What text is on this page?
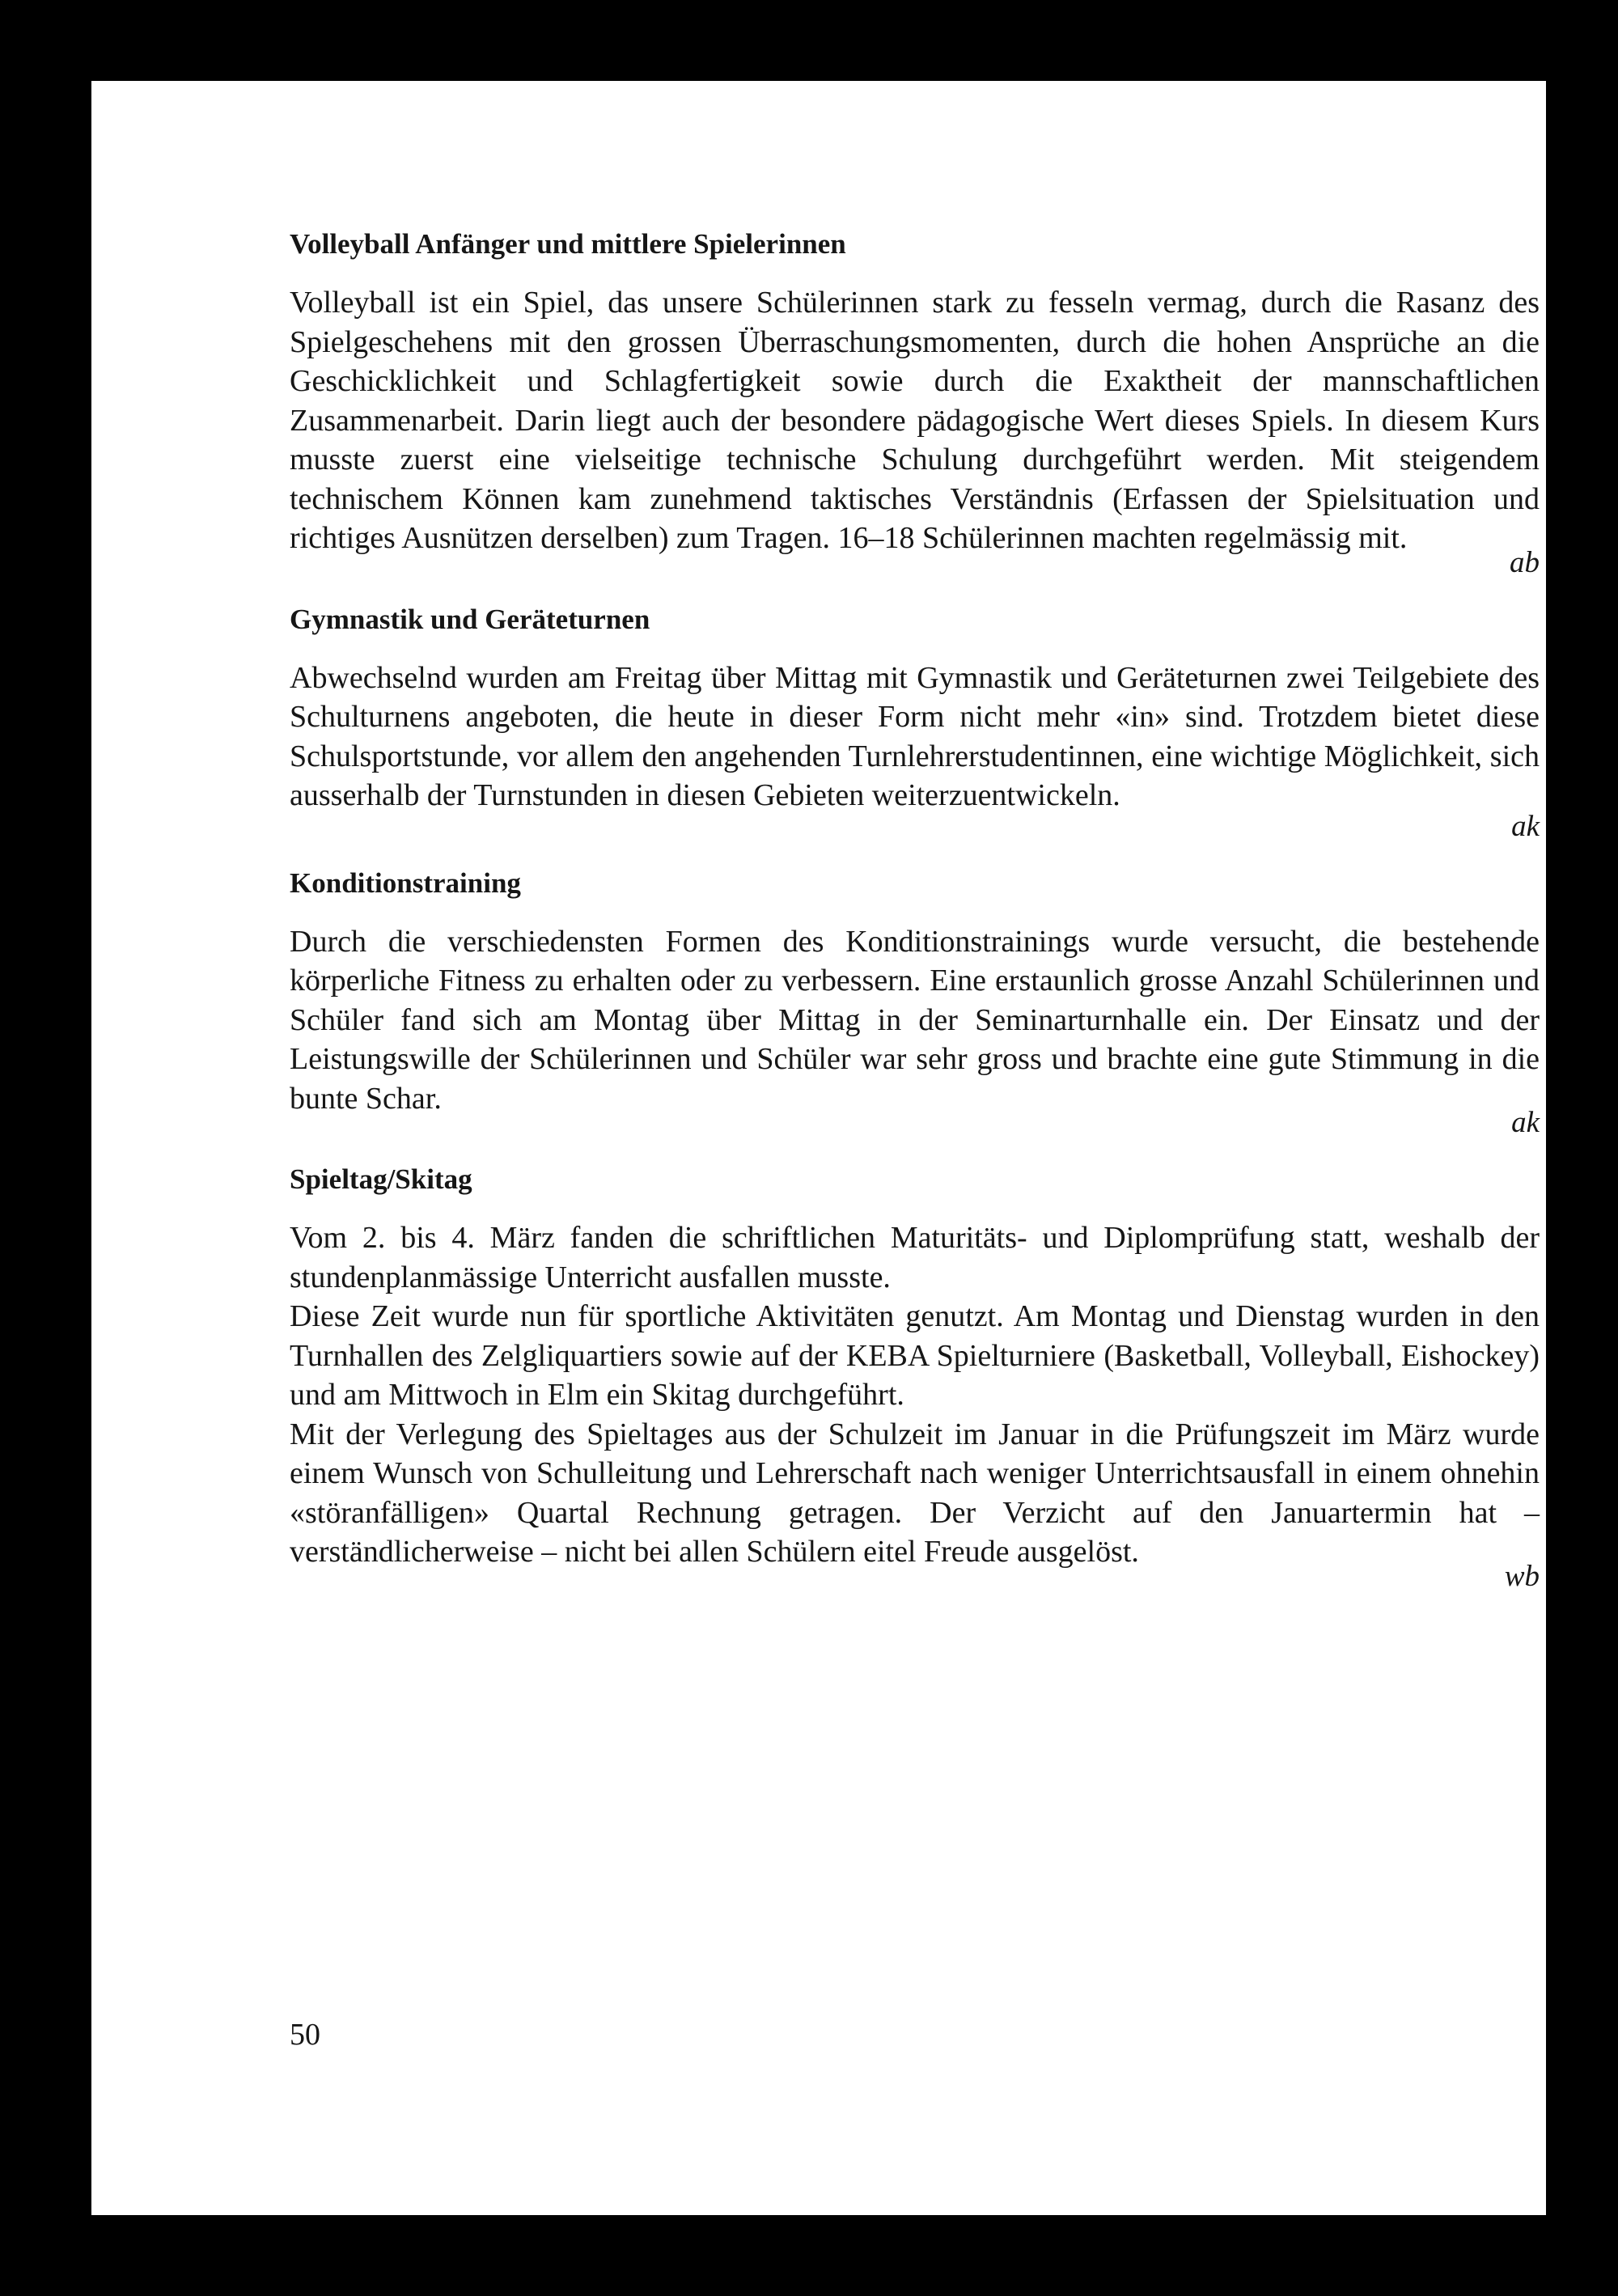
Volleyball Anfänger und mittlere Spielerinnen

Volleyball ist ein Spiel, das unsere Schülerinnen stark zu fesseln vermag, durch die Rasanz des Spielgeschehens mit den grossen Überraschungsmomenten, durch die hohen Ansprüche an die Geschicklichkeit und Schlagfertigkeit sowie durch die Exaktheit der mannschaftlichen Zusammenarbeit. Darin liegt auch der besondere pädagogische Wert dieses Spiels. In diesem Kurs musste zuerst eine vielseitige technische Schulung durchgeführt werden. Mit steigendem technischem Können kam zunehmend taktisches Verständnis (Erfassen der Spielsituation und richtiges Ausnützen derselben) zum Tragen. 16–18 Schülerinnen machten regelmässig mit.

ab
Gymnastik und Geräteturnen

Abwechselnd wurden am Freitag über Mittag mit Gymnastik und Geräteturnen zwei Teilgebiete des Schulturnens angeboten, die heute in dieser Form nicht mehr «in» sind. Trotzdem bietet diese Schulsportstunde, vor allem den angehenden Turnlehrerstudentinnen, eine wichtige Möglichkeit, sich ausserhalb der Turnstunden in diesen Gebieten weiterzuentwickeln.

ak
Konditionstraining

Durch die verschiedensten Formen des Konditionstrainings wurde versucht, die bestehende körperliche Fitness zu erhalten oder zu verbessern. Eine erstaunlich grosse Anzahl Schülerinnen und Schüler fand sich am Montag über Mittag in der Seminarturnhalle ein. Der Einsatz und der Leistungswille der Schülerinnen und Schüler war sehr gross und brachte eine gute Stimmung in die bunte Schar.

ak
Spieltag/Skitag

Vom 2. bis 4. März fanden die schriftlichen Maturitäts- und Diplomprüfung statt, weshalb der stundenplanmässige Unterricht ausfallen musste.

Diese Zeit wurde nun für sportliche Aktivitäten genutzt. Am Montag und Dienstag wurden in den Turnhallen des Zelgliquartiers sowie auf der KEBA Spielturniere (Basketball, Volleyball, Eishockey) und am Mittwoch in Elm ein Skitag durchgeführt.

Mit der Verlegung des Spieltages aus der Schulzeit im Januar in die Prüfungszeit im März wurde einem Wunsch von Schulleitung und Lehrerschaft nach weniger Unterrichtsausfall in einem ohnehin «störanfälligen» Quartal Rechnung getragen. Der Verzicht auf den Januartermin hat – verständlicherweise – nicht bei allen Schülern eitel Freude ausgelöst.

wb
50
